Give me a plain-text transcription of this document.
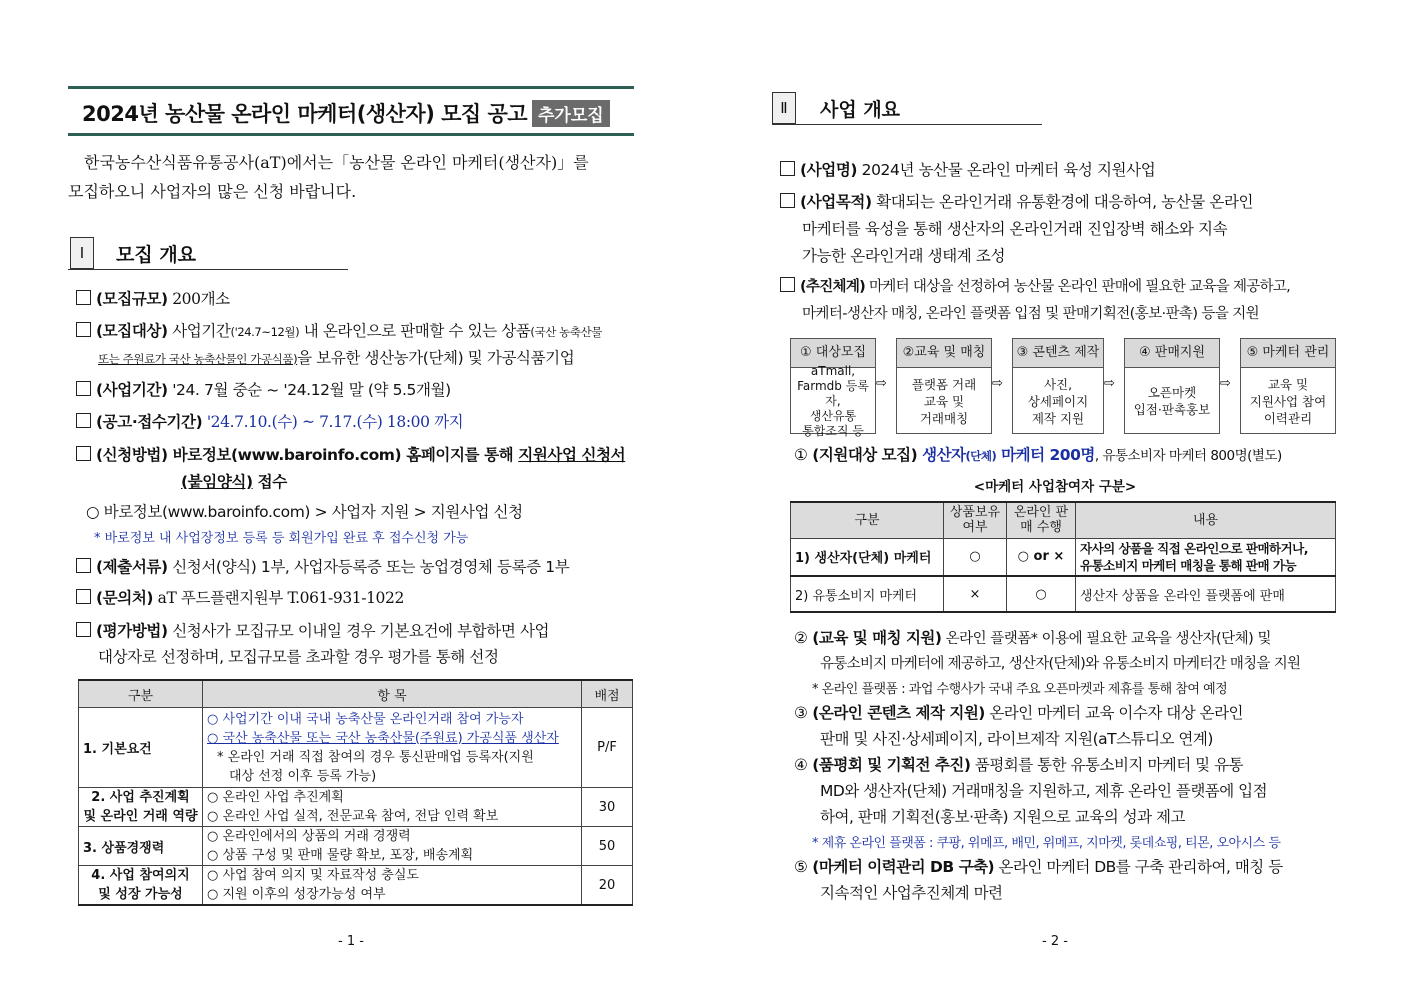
2024년 농산물 온라인 마케터(생산자) 모집 공고 추가모집
한국농수산식품유통공사(aT)에서는「농산물 온라인 마케터(생산자)」를
모집하오니 사업자의 많은 신청 바랍니다.
Ⅰ	모집 개요
(모집규모) 200개소
(모집대상) 사업기간('24.7~12월) 내 온라인으로 판매할 수 있는 상품(국산 농축산물
또는 주원료가 국산 농축산물인 가공식품)을 보유한 생산농가(단체) 및 가공식품기업
(사업기간) '24. 7월 중순 ~ '24.12월 말 (약 5.5개월)
(공고·접수기간) '24.7.10.(수) ~ 7.17.(수) 18:00 까지
(신청방법) 바로정보(www.baroinfo.com) 홈페이지를 통해 지원사업 신청서
(붙임양식) 접수
○ 바로정보(www.baroinfo.com) > 사업자 지원 > 지원사업 신청
* 바로정보 내 사업장정보 등록 등 회원가입 완료 후 접수신청 가능
(제출서류) 신청서(양식) 1부, 사업자등록증 또는 농업경영체 등록증 1부
(문의처) aT 푸드플랜지원부 T.061-931-1022
(평가방법) 신청사가 모집규모 이내일 경우 기본요건에 부합하면 사업
대상자로 선정하며, 모집규모를 초과할 경우 평가를 통해 선정
구분	항 목	배점
1. 기본요건	○ 사업기간 이내 국내 농축산물 온라인거래 참여 가능자
○ 국산 농축산물 또는 국산 농축산물(주원료) 가공식품 생산자
* 온라인 거래 직접 참여의 경우 통신판매업 등록자(지원
대상 선정 이후 등록 가능)	P/F
2. 사업 추진계획 및 온라인 거래 역량	○ 온라인 사업 추진계획
○ 온라인 사업 실적, 전문교육 참여, 전담 인력 확보	30
3. 상품경쟁력	○ 온라인에서의 상품의 거래 경쟁력
○ 상품 구성 및 판매 물량 확보, 포장, 배송계획	50
4. 사업 참여의지 및 성장 가능성	○ 사업 참여 의지 및 자료작성 충실도
○ 지원 이후의 성장가능성 여부	20
- 1 -
Ⅱ	사업 개요
(사업명) 2024년 농산물 온라인 마케터 육성 지원사업
(사업목적) 확대되는 온라인거래 유통환경에 대응하여, 농산물 온라인
마케터를 육성을 통해 생산자의 온라인거래 진입장벽 해소와 지속
가능한 온라인거래 생태계 조성
(추진체계) 마케터 대상을 선정하여 농산물 온라인 판매에 필요한 교육을 제공하고,
마케터-생산자 매칭, 온라인 플랫폼 입점 및 판매기획전(홍보·판촉) 등을 지원
① 대상모집
aTmall,
Farmdb 등록자,
생산유통
통합조직 등
⇨
②교육 및 매칭
플랫폼 거래
교육 및
거래매칭
⇨
③ 콘텐츠 제작
사진,
상세페이지
제작 지원
⇨
④ 판매지원
오픈마켓
입점·판촉홍보
⇨
⑤ 마케터 관리
교육 및
지원사업 참여
이력관리
① (지원대상 모집) 생산자(단체) 마케터 200명, 유통소비자 마케터 800명(별도)
<마케터 사업참여자 구분>
구분	상품보유 여부	온라인 판매 수행	내용
1) 생산자(단체) 마케터	○	○ or ×	자사의 상품을 직접 온라인으로 판매하거나,
유통소비지 마케터 매칭을 통해 판매 가능

2) 유통소비지 마케터	×	○	생산자 상품을 온라인 플랫폼에 판매
② (교육 및 매칭 지원) 온라인 플랫폼* 이용에 필요한 교육을 생산자(단체) 및
유통소비지 마케터에 제공하고, 생산자(단체)와 유통소비지 마케터간 매칭을 지원
* 온라인 플랫폼 : 과업 수행사가 국내 주요 오픈마켓과 제휴를 통해 참여 예정
③ (온라인 콘텐츠 제작 지원) 온라인 마케터 교육 이수자 대상 온라인
판매 및 사진·상세페이지, 라이브제작 지원(aT스튜디오 연계)
④ (품평회 및 기획전 추진) 품평회를 통한 유통소비지 마케터 및 유통
MD와 생산자(단체) 거래매칭을 지원하고, 제휴 온라인 플랫폼에 입점
하여, 판매 기획전(홍보·판촉) 지원으로 교육의 성과 제고
* 제휴 온라인 플랫폼 : 쿠팡, 위메프, 배민, 위메프, 지마켓, 롯데쇼핑, 티몬, 오아시스 등
⑤ (마케터 이력관리 DB 구축) 온라인 마케터 DB를 구축 관리하여, 매칭 등
지속적인 사업추진체계 마련
- 2 -
